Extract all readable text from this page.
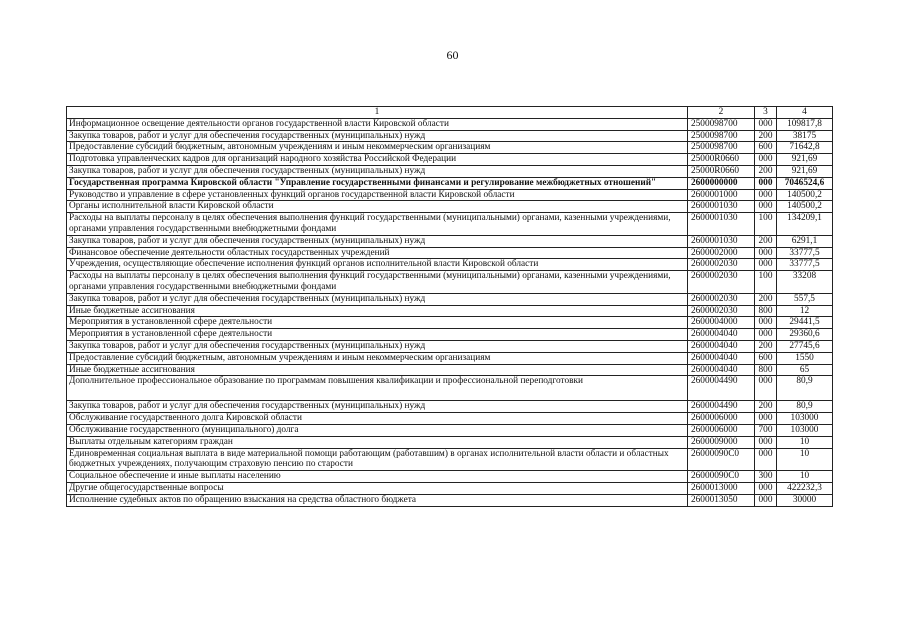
60
1	2	3	4
Информационное освещение деятельности органов государственной власти Кировской области	2500098700	000	109817,8
Закупка товаров, работ и услуг для обеспечения государственных (муниципальных) нужд	2500098700	200	38175
Предоставление субсидий бюджетным, автономным учреждениям и иным некоммерческим организациям	2500098700	600	71642,8
Подготовка управленческих кадров для организаций народного хозяйства Российской Федерации	25000R0660	000	921,69
Закупка товаров, работ и услуг для обеспечения государственных (муниципальных) нужд	25000R0660	200	921,69
Государственная программа Кировской области "Управление государственными финансами и регулирование межбюджетных отношений"	2600000000	000	7046524,6
Руководство и управление в сфере установленных функций органов государственной власти Кировской области	2600001000	000	140500,2
Органы исполнительной власти Кировской области	2600001030	000	140500,2
Расходы на выплаты персоналу в целях обеспечения выполнения функций государственными (муниципальными) органами, казенными учреждениями, органами управления государственными внебюджетными фондами	2600001030	100	134209,1
Закупка товаров, работ и услуг для обеспечения государственных (муниципальных) нужд	2600001030	200	6291,1
Финансовое обеспечение деятельности областных государственных учреждений	2600002000	000	33777,5
Учреждения, осуществляющие обеспечение исполнения функций органов исполнительной власти Кировской области	2600002030	000	33777,5
Расходы на выплаты персоналу в целях обеспечения выполнения функций государственными (муниципальными) органами, казенными учреждениями, органами управления государственными внебюджетными фондами	2600002030	100	33208
Закупка товаров, работ и услуг для обеспечения государственных (муниципальных) нужд	2600002030	200	557,5
Иные бюджетные ассигнования	2600002030	800	12
Мероприятия в установленной сфере деятельности	2600004000	000	29441,5
Мероприятия в установленной сфере деятельности	2600004040	000	29360,6
Закупка товаров, работ и услуг для обеспечения государственных (муниципальных) нужд	2600004040	200	27745,6
Предоставление субсидий бюджетным, автономным учреждениям и иным некоммерческим организациям	2600004040	600	1550
Иные бюджетные ассигнования	2600004040	800	65
Дополнительное профессиональное образование по программам повышения квалификации и профессиональной переподготовки	2600004490	000	80,9
Закупка товаров, работ и услуг для обеспечения государственных (муниципальных) нужд	2600004490	200	80,9
Обслуживание государственного долга Кировской области	2600006000	000	103000
Обслуживание государственного (муниципального) долга	2600006000	700	103000
Выплаты отдельным категориям граждан	2600009000	000	10
Единовременная социальная выплата в виде материальной помощи работающим (работавшим) в органах исполнительной власти области и областных бюджетных учреждениях, получающим страховую пенсию по старости	26000090C0	000	10
Социальное обеспечение и иные выплаты населению	26000090C0	300	10
Другие общегосударственные вопросы	2600013000	000	422232,3
Исполнение судебных актов по обращению взыскания на средства областного бюджета	2600013050	000	30000
